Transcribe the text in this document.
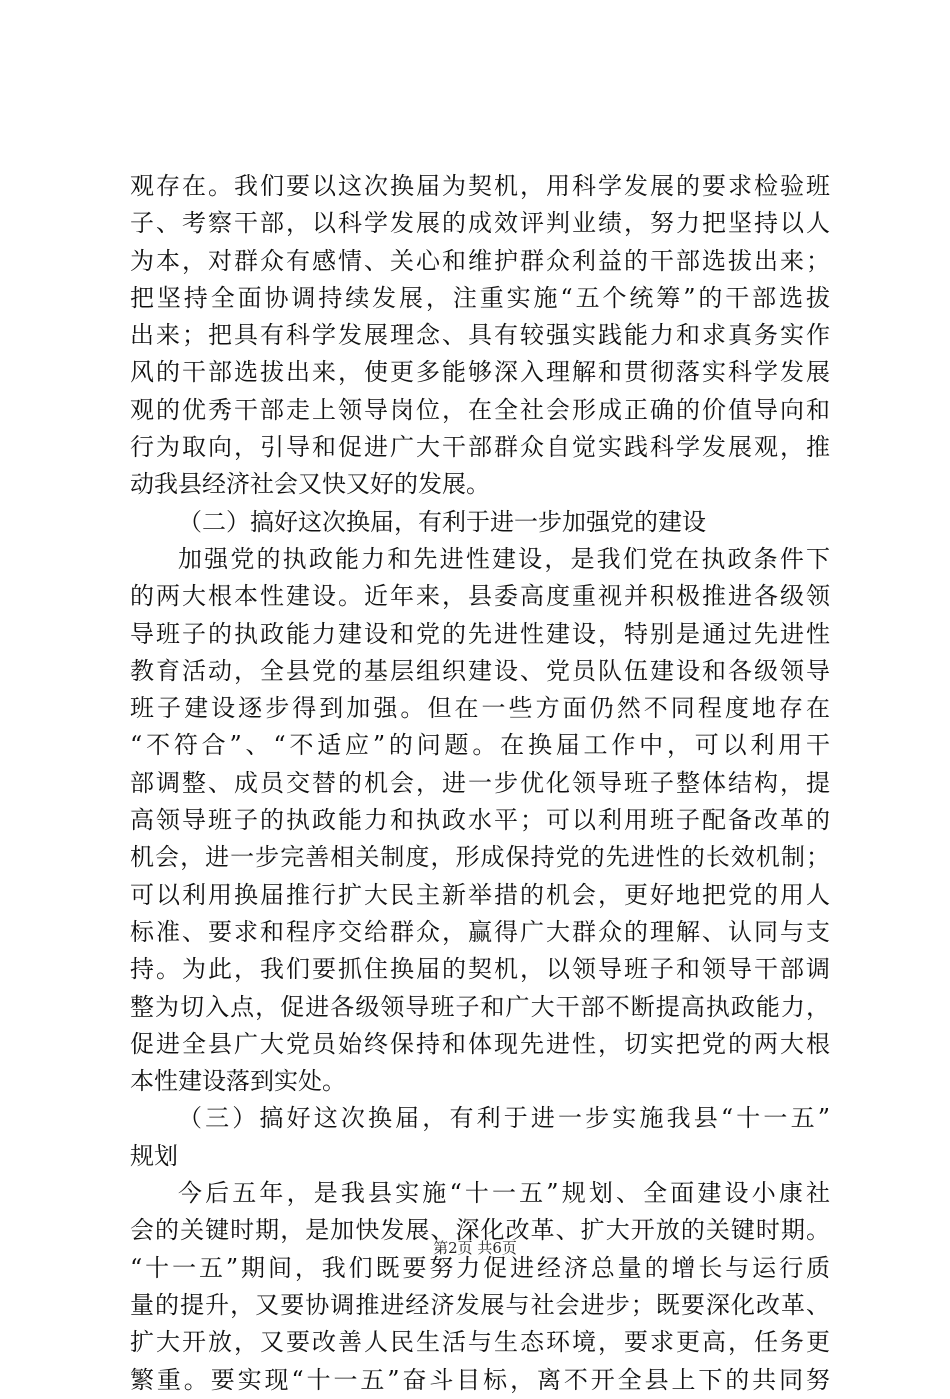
观存在。我们要以这次换届为契机，用科学发展的要求检验班
子、考察干部，以科学发展的成效评判业绩，努力把坚持以人
为本，对群众有感情、关心和维护群众利益的干部选拔出来；
把坚持全面协调持续发展，注重实施“五个统筹”的干部选拔
出来；把具有科学发展理念、具有较强实践能力和求真务实作
风的干部选拔出来，使更多能够深入理解和贯彻落实科学发展
观的优秀干部走上领导岗位，在全社会形成正确的价值导向和
行为取向，引导和促进广大干部群众自觉实践科学发展观，推
动我县经济社会又快又好的发展。
（二）搞好这次换届，有利于进一步加强党的建设
加强党的执政能力和先进性建设，是我们党在执政条件下
的两大根本性建设。近年来，县委高度重视并积极推进各级领
导班子的执政能力建设和党的先进性建设，特别是通过先进性
教育活动，全县党的基层组织建设、党员队伍建设和各级领导
班子建设逐步得到加强。但在一些方面仍然不同程度地存在
“不符合”、“不适应”的问题。在换届工作中，可以利用干
部调整、成员交替的机会，进一步优化领导班子整体结构，提
高领导班子的执政能力和执政水平；可以利用班子配备改革的
机会，进一步完善相关制度，形成保持党的先进性的长效机制；
可以利用换届推行扩大民主新举措的机会，更好地把党的用人
标准、要求和程序交给群众，赢得广大群众的理解、认同与支
持。为此，我们要抓住换届的契机，以领导班子和领导干部调
整为切入点，促进各级领导班子和广大干部不断提高执政能力，
促进全县广大党员始终保持和体现先进性，切实把党的两大根
本性建设落到实处。
（三）搞好这次换届，有利于进一步实施我县“十一五”
规划
今后五年，是我县实施“十一五”规划、全面建设小康社
会的关键时期，是加快发展、深化改革、扩大开放的关键时期。
“十一五”期间，我们既要努力促进经济总量的增长与运行质
量的提升，又要协调推进经济发展与社会进步；既要深化改革、
扩大开放，又要改善人民生活与生态环境，要求更高，任务更
繁重。要实现“十一五”奋斗目标，离不开全县上下的共同努
第2页 共6页
